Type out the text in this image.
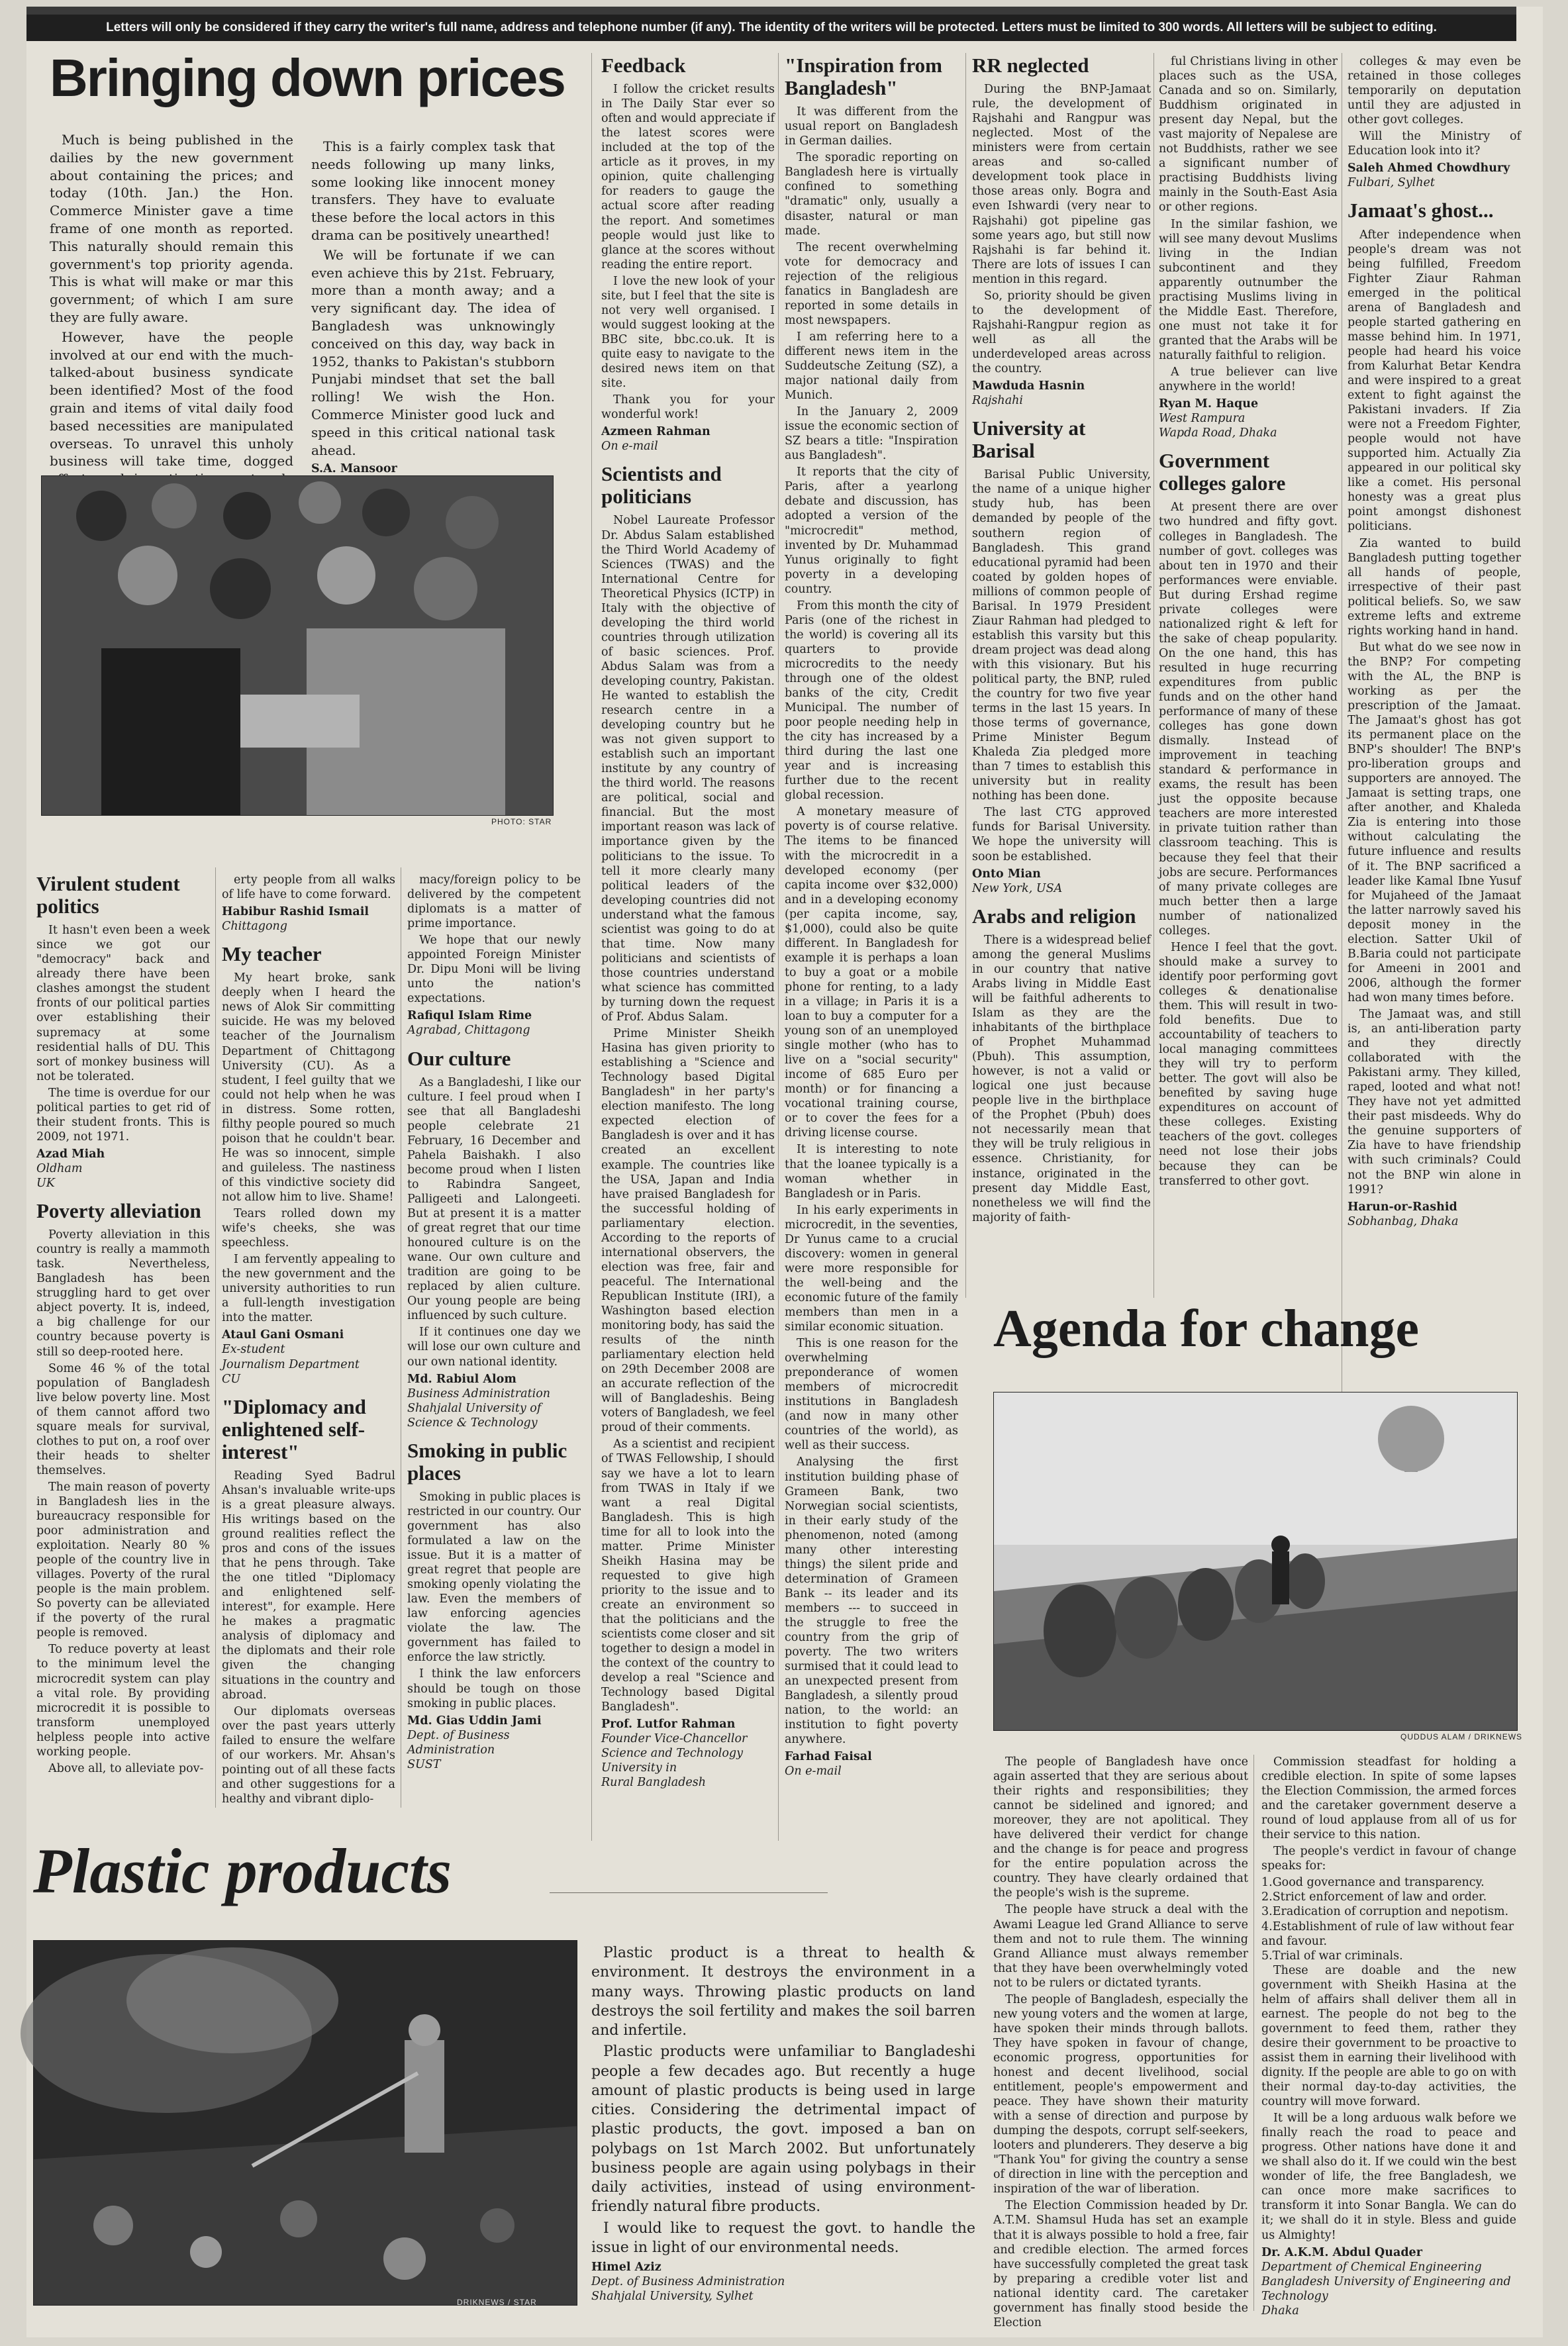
Letters will only be considered if they carry the writer's full name, address and telephone number (if any). The identity of the writers will be protected. Letters must be limited to 300 words. All letters will be subject to editing.
Bringing down prices

Much is being published in the dailies by the new government about containing the prices; and today (10th. Jan.) the Hon. Commerce Minister gave a time frame of one month as reported. This naturally should remain this government's top priority agenda. This is what will make or mar this government; of which I am sure they are fully aware.

However, have the people involved at our end with the much-talked-about business syndicate been identified? Most of the food grain and items of vital daily food based necessities are manipulated overseas. To unravel this unholy business will take time, dogged

This is a fairly complex task that needs following up many links, some looking like innocent money transfers. They have to evaluate these before the local actors in this drama can be positively unearthed!

We will be fortunate if we can even achieve this by 21st. February, more than a month away; and a very significant day. The idea of Bangladesh was unknowingly conceived on this day, way back in 1952, thanks to Pakistan's stubborn Punjabi mindset that set the ball rolling! We wish the Hon. Commerce Minister good luck and speed in this critical national task ahead.

S.A. Mansoor
PHOTO: STAR
Virulent student politics

It hasn't even been a week since we got our "democracy" back and already there have been clashes amongst the student fronts of our political parties over establishing their supremacy at some residential halls of DU. This sort of monkey business will not be tolerated.

The time is overdue for our political parties to get rid of their student fronts. This is 2009, not 1971.

Azad Miah
Oldham
UK
Poverty alleviation

Poverty alleviation in this country is really a mammoth task. Nevertheless, Bangladesh has been struggling hard to get over abject poverty. It is, indeed, a big challenge for our country because poverty is still so deep-rooted here.

Some 46 % of the total population of Bangladesh live below poverty line. Most of them cannot afford two square meals for survival, clothes to put on, a roof over their heads to shelter themselves.

The main reason of poverty in Bangladesh lies in the bureaucracy responsible for poor administration and exploitation. Nearly 80 % people of the country live in villages. Poverty of the rural people is the main problem. So poverty can be alleviated if the poverty of the rural people is removed.

To reduce poverty at least to the minimum level the microcredit system can play a vital role. By providing microcredit it is possible to transform unemployed helpless people into active working people.

Above all, to alleviate pov-

erty people from all walks of life have to come forward.

Habibur Rashid Ismail
Chittagong
My teacher

My heart broke, sank deeply when I heard the news of Alok Sir committing suicide. He was my beloved teacher of the Journalism Department of Chittagong University (CU). As a student, I feel guilty that we could not help when he was in distress. Some rotten, filthy people poured so much poison that he couldn't bear. He was so innocent, simple and guileless. The nastiness of this vindictive society did not allow him to live. Shame!

Tears rolled down my wife's cheeks, she was speechless.

I am fervently appealing to the new government and the university authorities to run a full-length investigation into the matter.

Ataul Gani Osmani
Ex-student
Journalism Department
CU
"Diplomacy and enlightened self-interest"

Reading Syed Badrul Ahsan's invaluable write-ups is a great pleasure always. His writings based on the ground realities reflect the pros and cons of the issues that he pens through. Take the one titled "Diplomacy and enlightened self-interest", for example. Here he makes a pragmatic analysis of diplomacy and the diplomats and their role given the changing situations in the country and abroad.

Our diplomats overseas over the past years utterly failed to ensure the welfare of our workers. Mr. Ahsan's pointing out of all these facts and other suggestions for a healthy and vibrant diplo-

macy/foreign policy to be delivered by the competent diplomats is a matter of prime importance.

We hope that our newly appointed Foreign Minister Dr. Dipu Moni will be living unto the nation's expectations.

Rafiqul Islam Rime
Agrabad, Chittagong
Our culture

As a Bangladeshi, I like our culture. I feel proud when I see that all Bangladeshi people celebrate 21 February, 16 December and Pahela Baishakh. I also become proud when I listen to Rabindra Sangeet, Palligeeti and Lalongeeti. But at present it is a matter of great regret that our time honoured culture is on the wane. Our own culture and tradition are going to be replaced by alien culture. Our young people are being influenced by such culture.

If it continues one day we will lose our own culture and our own national identity.

Md. Rabiul Alom
Business Administration
Shahjalal University of
Science & Technology
Smoking in public places

Smoking in public places is restricted in our country. Our government has also formulated a law on the issue. But it is a matter of great regret that people are smoking openly violating the law. Even the members of law enforcing agencies violate the law. The government has failed to enforce the law strictly.

I think the law enforcers should be tough on those smoking in public places.

Md. Gias Uddin Jami
Dept. of Business
Administration
SUST
Feedback

I follow the cricket results in The Daily Star ever so often and would appreciate if the latest scores were included at the top of the article as it proves, in my opinion, quite challenging for readers to gauge the actual score after reading the report. And sometimes people would just like to glance at the scores without reading the entire report.

I love the new look of your site, but I feel that the site is not very well organised. I would suggest looking at the BBC site, bbc.co.uk. It is quite easy to navigate to the desired news item on that site.

Thank you for your wonderful work!

Azmeen Rahman
On e-mail
Scientists and politicians

Nobel Laureate Professor Dr. Abdus Salam established the Third World Academy of Sciences (TWAS) and the International Centre for Theoretical Physics (ICTP) in Italy with the objective of developing the third world countries through utilization of basic sciences. Prof. Abdus Salam was from a developing country, Pakistan. He wanted to establish the research centre in a developing country but he was not given support to establish such an important institute by any country of the third world. The reasons are political, social and financial. But the most important reason was lack of importance given by the politicians to the issue. To tell it more clearly many political leaders of the developing countries did not understand what the famous scientist was going to do at that time. Now many politicians and scientists of those countries understand what science has committed by turning down the request of Prof. Abdus Salam.

Prime Minister Sheikh Hasina has given priority to establishing a "Science and Technology based Digital Bangladesh" in her party's election manifesto. The long expected election of Bangladesh is over and it has created an excellent example. The countries like the USA, Japan and India have praised Bangladesh for the successful holding of parliamentary election. According to the reports of international observers, the election was free, fair and peaceful. The International Republican Institute (IRI), a Washington based election monitoring body, has said the results of the ninth parliamentary election held on 29th December 2008 are an accurate reflection of the will of Bangladeshis. Being voters of Bangladesh, we feel proud of their comments.

As a scientist and recipient of TWAS Fellowship, I should say we have a lot to learn from TWAS in Italy if we want a real Digital Bangladesh. This is high time for all to look into the matter. Prime Minister Sheikh Hasina may be requested to give high priority to the issue and to create an environment so that the politicians and the scientists come closer and sit together to design a model in the context of the country to develop a real "Science and Technology based Digital Bangladesh".

Prof. Lutfor Rahman
Founder Vice-Chancellor
Science and Technology
University in
Rural Bangladesh
"Inspiration from Bangladesh"

It was different from the usual report on Bangladesh in German dailies.

The sporadic reporting on Bangladesh here is virtually confined to something "dramatic" only, usually a disaster, natural or man made.

The recent overwhelming vote for democracy and rejection of the religious fanatics in Bangladesh are reported in some details in most newspapers.

I am referring here to a different news item in the Suddeutsche Zeitung (SZ), a major national daily from Munich.

In the January 2, 2009 issue the economic section of SZ bears a title: "Inspiration aus Bangladesh".

It reports that the city of Paris, after a yearlong debate and discussion, has adopted a version of the "microcredit" method, invented by Dr. Muhammad Yunus originally to fight poverty in a developing country.

From this month the city of Paris (one of the richest in the world) is covering all its quarters to provide microcredits to the needy through one of the oldest banks of the city, Credit Municipal. The number of poor people needing help in the city has increased by a third during the last one year and is increasing further due to the recent global recession.

A monetary measure of poverty is of course relative. The items to be financed with the microcredit in a developed economy (per capita income over $32,000) and in a developing economy (per capita income, say, $1,000), could also be quite different. In Bangladesh for example it is perhaps a loan to buy a goat or a mobile phone for renting, to a lady in a village; in Paris it is a loan to buy a computer for a young son of an unemployed single mother (who has to live on a "social security" income of 685 Euro per month) or for financing a vocational training course, or to cover the fees for a driving license course.

It is interesting to note that the loanee typically is a woman whether in Bangladesh or in Paris.

In his early experiments in microcredit, in the seventies, Dr Yunus came to a crucial discovery: women in general were more responsible for the well-being and the economic future of the family members than men in a similar economic situation.

This is one reason for the overwhelming preponderance of women members of microcredit institutions in Bangladesh (and now in many other countries of the world), as well as their success.

Analysing the first institution building phase of Grameen Bank, two Norwegian social scientists, in their early study of the phenomenon, noted (among many other interesting things) the silent pride and determination of Grameen Bank -- its leader and its members --- to succeed in the struggle to free the country from the grip of poverty. The two writers surmised that it could lead to an unexpected present from Bangladesh, a silently proud nation, to the world: an institution to fight poverty anywhere.

Farhad Faisal
On e-mail
RR neglected

During the BNP-Jamaat rule, the development of Rajshahi and Rangpur was neglected. Most of the ministers were from certain areas and so-called development took place in those areas only. Bogra and even Ishwardi (very near to Rajshahi) got pipeline gas some years ago, but still now Rajshahi is far behind it. There are lots of issues I can mention in this regard.

So, priority should be given to the development of Rajshahi-Rangpur region as well as all the underdeveloped areas across the country.

Mawduda Hasnin
Rajshahi
University at Barisal

Barisal Public University, the name of a unique higher study hub, has been demanded by people of the southern region of Bangladesh. This grand educational pyramid had been coated by golden hopes of millions of common people of Barisal. In 1979 President Ziaur Rahman had pledged to establish this varsity but this dream project was dead along with this visionary. But his political party, the BNP, ruled the country for two five year terms in the last 15 years. In those terms of governance, Prime Minister Begum Khaleda Zia pledged more than 7 times to establish this university but in reality nothing has been done.

The last CTG approved funds for Barisal University. We hope the university will soon be established.

Onto Mian
New York, USA
Arabs and religion

There is a widespread belief among the general Muslims in our country that native Arabs living in Middle East will be faithful adherents to Islam as they are the inhabitants of the birthplace of Prophet Muhammad (Pbuh). This assumption, however, is not a valid or logical one just because people live in the birthplace of the Prophet (Pbuh) does not necessarily mean that they will be truly religious in essence. Christianity, for instance, originated in the present day Middle East, nonetheless we will find the majority of faith-

ful Christians living in other places such as the USA, Canada and so on. Similarly, Buddhism originated in present day Nepal, but the vast majority of Nepalese are not Buddhists, rather we see a significant number of practising Buddhists living mainly in the South-East Asia or other regions.

In the similar fashion, we will see many devout Muslims living in the Indian subcontinent and they apparently outnumber the practising Muslims living in the Middle East. Therefore, one must not take it for granted that the Arabs will be naturally faithful to religion.

A true believer can live anywhere in the world!

Ryan M. Haque
West Rampura
Wapda Road, Dhaka
Government colleges galore

At present there are over two hundred and fifty govt. colleges in Bangladesh. The number of govt. colleges was about ten in 1970 and their performances were enviable. But during Ershad regime private colleges were nationalized right & left for the sake of cheap popularity. On the one hand, this has resulted in huge recurring expenditures from public funds and on the other hand performance of many of these colleges has gone down dismally. Instead of improvement in teaching standard & performance in exams, the result has been just the opposite because teachers are more interested in private tuition rather than classroom teaching. This is because they feel that their jobs are secure. Performances of many private colleges are much better then a large number of nationalized colleges.

Hence I feel that the govt. should make a survey to identify poor performing govt colleges & denationalise them. This will result in two-fold benefits. Due to accountability of teachers to local managing committees they will try to perform better. The govt will also be benefited by saving huge expenditures on account of these colleges. Existing teachers of the govt. colleges need not lose their jobs because they can be transferred to other govt.

colleges & may even be retained in those colleges temporarily on deputation until they are adjusted in other govt colleges.

Will the Ministry of Education look into it?

Saleh Ahmed Chowdhury
Fulbari, Sylhet
Jamaat's ghost...

After independence when people's dream was not being fulfilled, Freedom Fighter Ziaur Rahman emerged in the political arena of Bangladesh and people started gathering en masse behind him. In 1971, people had heard his voice from Kalurhat Betar Kendra and were inspired to a great extent to fight against the Pakistani invaders. If Zia were not a Freedom Fighter, people would not have supported him. Actually Zia appeared in our political sky like a comet. His personal honesty was a great plus point amongst dishonest politicians.

Zia wanted to build Bangladesh putting together all hands of people, irrespective of their past political beliefs. So, we saw extreme lefts and extreme rights working hand in hand.

But what do we see now in the BNP? For competing with the AL, the BNP is working as per the prescription of the Jamaat. The Jamaat's ghost has got its permanent place on the BNP's shoulder! The BNP's pro-liberation groups and supporters are annoyed. The Jamaat is setting traps, one after another, and Khaleda Zia is entering into those without calculating the future influence and results of it. The BNP sacrificed a leader like Kamal Ibne Yusuf for Mujaheed of the Jamaat the latter narrowly saved his deposit money in the election. Satter Ukil of B.Baria could not participate for Ameeni in 2001 and 2006, although the former had won many times before.

The Jamaat was, and still is, an anti-liberation party and they directly collaborated with the Pakistani army. They killed, raped, looted and what not! They have not yet admitted their past misdeeds. Why do the genuine supporters of Zia have to have friendship with such criminals? Could not the BNP win alone in 1991?

Harun-or-Rashid
Sobhanbag, Dhaka
Agenda for change
QUDDUS ALAM / DRIKNEWS

The people of Bangladesh have once again asserted that they are serious about their rights and responsibilities; they cannot be sidelined and ignored; and moreover, they are not apolitical. They have delivered their verdict for change and the change is for peace and progress for the entire population across the country. They have clearly ordained that the people's wish is the supreme.

The people have struck a deal with the Awami League led Grand Alliance to serve them and not to rule them. The winning Grand Alliance must always remember that they have been overwhelmingly voted not to be rulers or dictated tyrants.

The people of Bangladesh, especially the new young voters and the women at large, have spoken their minds through ballots. They have spoken in favour of change, economic progress, opportunities for honest and decent livelihood, social entitlement, people's empowerment and peace. They have shown their maturity with a sense of direction and purpose by dumping the despots, corrupt self-seekers, looters and plunderers. They deserve a big "Thank You" for giving the country a sense of direction in line with the perception and inspiration of the war of liberation.

The Election Commission headed by Dr. A.T.M. Shamsul Huda has set an example that it is always possible to hold a free, fair and credible election. The armed forces have successfully completed the great task by preparing a credible voter list and national identity card. The caretaker government has finally stood beside the Election

Commission steadfast for holding a credible election. In spite of some lapses the Election Commission, the armed forces and the caretaker government deserve a round of loud applause from all of us for their service to this nation.

The people's verdict in favour of change speaks for:

1.Good governance and transparency.
2.Strict enforcement of law and order.
3.Eradication of corruption and nepotism.
4.Establishment of rule of law without fear and favour.
5.Trial of war criminals.

These are doable and the new government with Sheikh Hasina at the helm of affairs shall deliver them all in earnest. The people do not beg to the government to feed them, rather they desire their government to be proactive to assist them in earning their livelihood with dignity. If the people are able to go on with their normal day-to-day activities, the country will move forward.

It will be a long arduous walk before we finally reach the road to peace and progress. Other nations have done it and we shall also do it. If we could win the best wonder of life, the free Bangladesh, we can once more make sacrifices to transform it into Sonar Bangla. We can do it; we shall do it in style. Bless and guide us Almighty!

Dr. A.K.M. Abdul Quader
Department of Chemical Engineering
Bangladesh University of Engineering and
Technology
Dhaka
Plastic products
DRIKNEWS / STAR

Plastic product is a threat to health & environment. It destroys the environment in a many ways. Throwing plastic products on land destroys the soil fertility and makes the soil barren and infertile.

Plastic products were unfamiliar to Bangladeshi people a few decades ago. But recently a huge amount of plastic products is being used in large cities. Considering the detrimental impact of plastic products, the govt. imposed a ban on polybags on 1st March 2002. But unfortunately business people are again using polybags in their daily activities, instead of using environment-friendly natural fibre products.

I would like to request the govt. to handle the issue in light of our environmental needs.

Himel Aziz
Dept. of Business Administration
Shahjalal University, Sylhet
